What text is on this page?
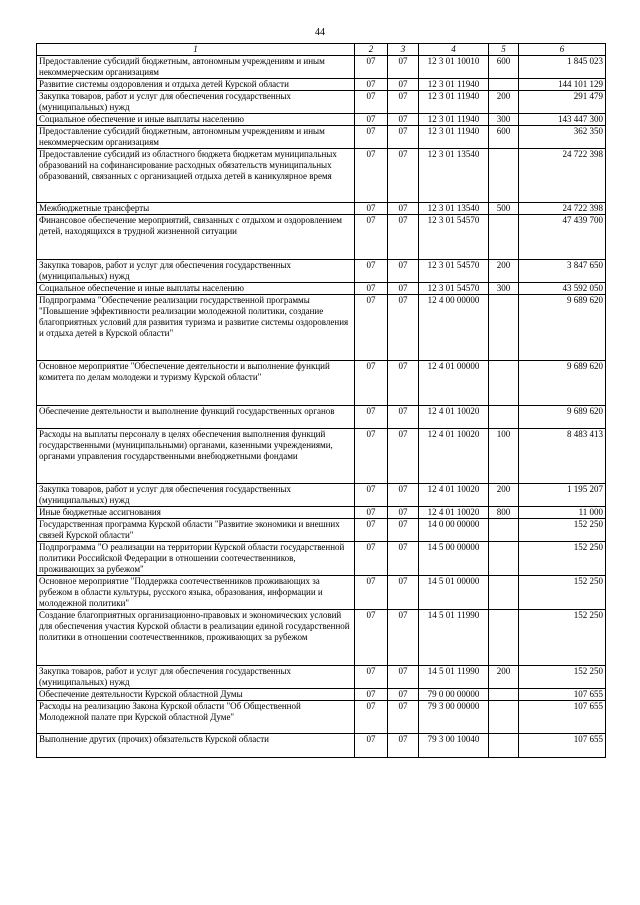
44
1	2	3	4	5	6
Предоставление субсидий бюджетным, автономным учреждениям и иным некоммерческим организациям	07	07	12 3 01 10010	600	1 845 023
Развитие системы оздоровления и отдыха детей Курской области	07	07	12 3 01 11940		144 101 129
Закупка товаров, работ и услуг для обеспечения государственных (муниципальных) нужд	07	07	12 3 01 11940	200	291 479
Социальное обеспечение и иные выплаты населению	07	07	12 3 01 11940	300	143 447 300
Предоставление субсидий бюджетным, автономным учреждениям и иным некоммерческим организациям	07	07	12 3 01 11940	600	362 350
Предоставление субсидий из областного бюджета бюджетам муниципальных образований на софинансирование расходных обязательств муниципальных образований, связанных с организацией отдыха детей в каникулярное время	07	07	12 3 01 13540		24 722 398
Межбюджетные трансферты	07	07	12 3 01 13540	500	24 722 398
Финансовое обеспечение мероприятий, связанных с отдыхом и оздоровлением детей, находящихся в трудной жизненной ситуации	07	07	12 3 01 54570		47 439 700
Закупка товаров, работ и услуг для обеспечения государственных (муниципальных) нужд	07	07	12 3 01 54570	200	3 847 650
Социальное обеспечение и иные выплаты населению	07	07	12 3 01 54570	300	43 592 050
Подпрограмма "Обеспечение реализации государственной программы "Повышение эффективности реализации молодежной политики, создание благоприятных условий для развития туризма и развитие системы оздоровления и отдыха детей в Курской области"	07	07	12 4 00 00000		9 689 620
Основное мероприятие "Обеспечение деятельности и выполнение функций комитета по делам молодежи и туризму Курской области"	07	07	12 4 01 00000		9 689 620
Обеспечение деятельности и выполнение функций государственных органов	07	07	12 4 01 10020		9 689 620
Расходы на выплаты персоналу в целях обеспечения выполнения функций государственными (муниципальными) органами, казенными учреждениями, органами управления государственными внебюджетными фондами	07	07	12 4 01 10020	100	8 483 413
Закупка товаров, работ и услуг для обеспечения государственных (муниципальных) нужд	07	07	12 4 01 10020	200	1 195 207
Иные бюджетные ассигнования	07	07	12 4 01 10020	800	11 000
Государственная программа Курской области "Развитие экономики и внешних связей Курской области"	07	07	14 0 00 00000		152 250
Подпрограмма "О реализации на территории Курской области государственной политики Российской Федерации в отношении соотечественников, проживающих за рубежом"	07	07	14 5 00 00000		152 250
Основное мероприятие "Поддержка соотечественников проживающих за рубежом в области культуры, русского языка, образования, информации и молодежной политики"	07	07	14 5 01 00000		152 250
Создание благоприятных организационно-правовых и экономических условий для обеспечения участия Курской области в реализации единой государственной политики в отношении соотечественников, проживающих за рубежом	07	07	14 5 01 11990		152 250
Закупка товаров, работ и услуг для обеспечения государственных (муниципальных) нужд	07	07	14 5 01 11990	200	152 250
Обеспечение деятельности Курской областной Думы	07	07	79 0 00 00000		107 655
Расходы на реализацию Закона Курской области "Об Общественной Молодежной палате при Курской областной Думе"	07	07	79 3 00 00000		107 655
Выполнение других (прочих) обязательств Курской области	07	07	79 3 00 10040		107 655
